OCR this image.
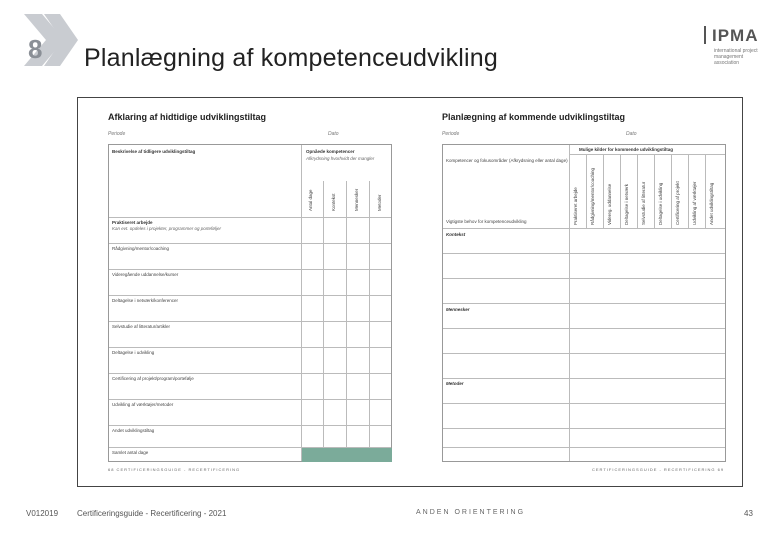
8 Planlægning af kompetenceudvikling
IPMA
international project management association
Afklaring af hidtidige udviklingstiltag
Periode	Dato
Beskrivelse af tidligere udviklingstiltag	Opnåede kompetencer
Afkrydsning hvorhvidt der mangler
Antal dage	Kontekst	Mennesker	Metoder
Praktiseret arbejde
Kan evt. opdeles i projekter, programmer og porteføljer
Rådgivning/mentor/coaching
Videregående uddannelse/kurser
Deltagelse i netværk/konferencer
Selvstudie af litteratur/artikler
Deltagelse i udvikling
Certificering af projekt/program/portefølje
Udvikling af værktøjer/metoder
Andet udviklingstiltag
Samlet antal dage
68 CERTIFICERINGSGUIDE - RECERTIFICERING
Planlægning af kommende udviklingstiltag
Periode	Dato
Mulige kilder for kommende udviklingstiltag
Kompetencer og fokusområder (Afkrydsning eller antal dage)
Praktiseret arbejde	Rådgivning/mentor/coaching	Videreg. uddannelse	Deltagelse i netværk	Selvstudie af litteratur	Deltagelse i udvikling	Certificering af projekt	Udvikling af værktøjer	Andet udviklingstiltag
Vigtigste behov for kompetenceudvikling
Kontekst
Mennesker
Metoder
CERTIFICERINGSGUIDE - RECERTIFICERING 69
V012019 Certificeringsguide - Recertificering - 2021	ANDEN ORIENTERING	43
